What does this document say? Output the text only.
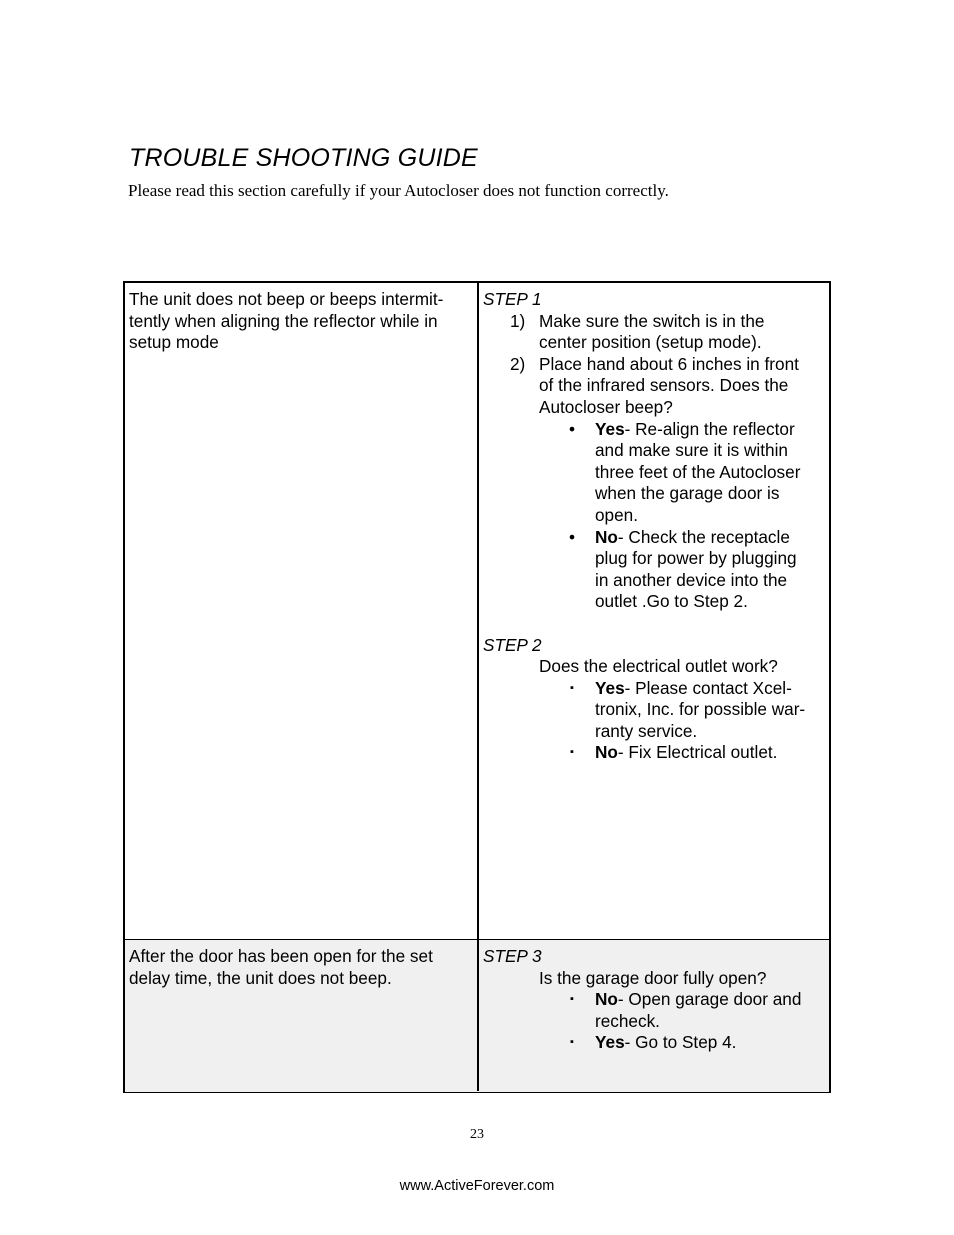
TROUBLE SHOOTING GUIDE
Please read this section carefully if your Autocloser does not function correctly.
The unit does not beep or beeps intermit-
tently when aligning the reflector while in
setup mode
STEP 1
1) Make sure the switch is in the
center position (setup mode).
2) Place hand about 6 inches in front
of the infrared sensors. Does the
Autocloser beep?
• Yes- Re-align the reflector
and make sure it is within
three feet of the Autocloser
when the garage door is
open.
• No- Check the receptacle
plug for power by plugging
in another device into the
outlet .Go to Step 2.
STEP 2
Does the electrical outlet work?
▪ Yes- Please contact Xcel-
tronix, Inc. for possible war-
ranty service.
▪ No- Fix Electrical outlet.
After the door has been open for the set
delay time, the unit does not beep.
STEP 3
Is the garage door fully open?
▪ No- Open garage door and
recheck.
▪ Yes- Go to Step 4.
23
www.ActiveForever.com
